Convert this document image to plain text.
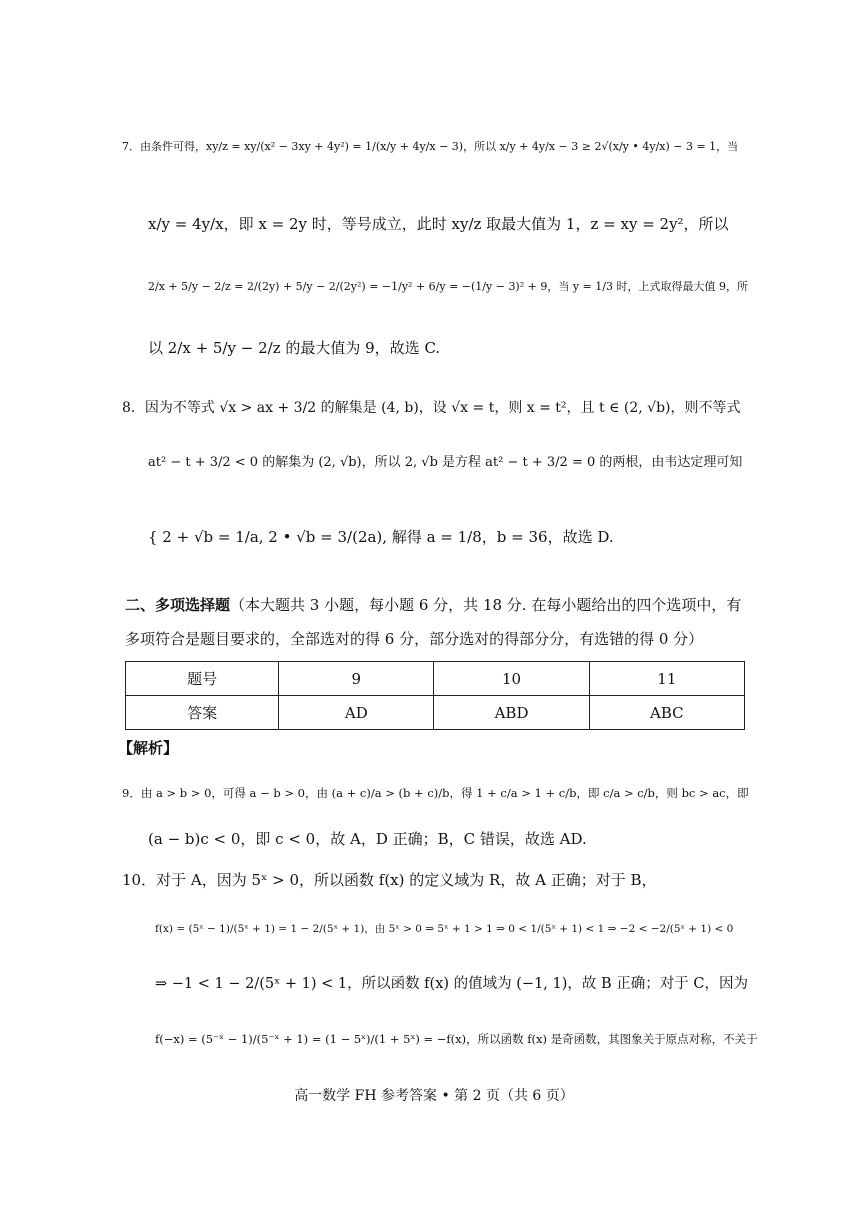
7．由条件可得，xy/z = xy/(x² − 3xy + 4y²) = 1/(x/y + 4y/x − 3)，所以 x/y + 4y/x − 3 ≥ 2√(x/y • 4y/x) − 3 = 1，当
x/y = 4y/x，即 x = 2y 时，等号成立，此时 xy/z 取最大值为 1，z = xy = 2y²，所以
2/x + 5/y − 2/z = 2/(2y) + 5/y − 2/(2y²) = −1/y² + 6/y = −(1/y − 3)² + 9，当 y = 1/3 时，上式取得最大值 9，所
以 2/x + 5/y − 2/z 的最大值为 9，故选 C.
8．因为不等式 √x > ax + 3/2 的解集是 (4, b)，设 √x = t，则 x = t²，且 t ∈ (2, √b)，则不等式
at² − t + 3/2 < 0 的解集为 (2, √b)，所以 2, √b 是方程 at² − t + 3/2 = 0 的两根，由韦达定理可知
{ 2 + √b = 1/a, 2 • √b = 3/(2a), 解得 a = 1/8，b = 36，故选 D.
二、多项选择题（本大题共 3 小题，每小题 6 分，共 18 分. 在每小题给出的四个选项中，有
多项符合是题目要求的，全部选对的得 6 分，部分选对的得部分分，有选错的得 0 分）
题号	9	10	11
答案	AD	ABD	ABC
【解析】
9．由 a > b > 0，可得 a − b > 0，由 (a + c)/a > (b + c)/b，得 1 + c/a > 1 + c/b，即 c/a > c/b，则 bc > ac，即
(a − b)c < 0，即 c < 0，故 A，D 正确；B，C 错误，故选 AD.
10．对于 A，因为 5ˣ > 0，所以函数 f(x) 的定义域为 R，故 A 正确；对于 B，
f(x) = (5ˣ − 1)/(5ˣ + 1) = 1 − 2/(5ˣ + 1)，由 5ˣ > 0 ⇒ 5ˣ + 1 > 1 ⇒ 0 < 1/(5ˣ + 1) < 1 ⇒ −2 < −2/(5ˣ + 1) < 0
⇒ −1 < 1 − 2/(5ˣ + 1) < 1，所以函数 f(x) 的值域为 (−1, 1)，故 B 正确；对于 C，因为
f(−x) = (5⁻ˣ − 1)/(5⁻ˣ + 1) = (1 − 5ˣ)/(1 + 5ˣ) = −f(x)，所以函数 f(x) 是奇函数，其图象关于原点对称，不关于
高一数学 FH 参考答案 • 第 2 页（共 6 页）
